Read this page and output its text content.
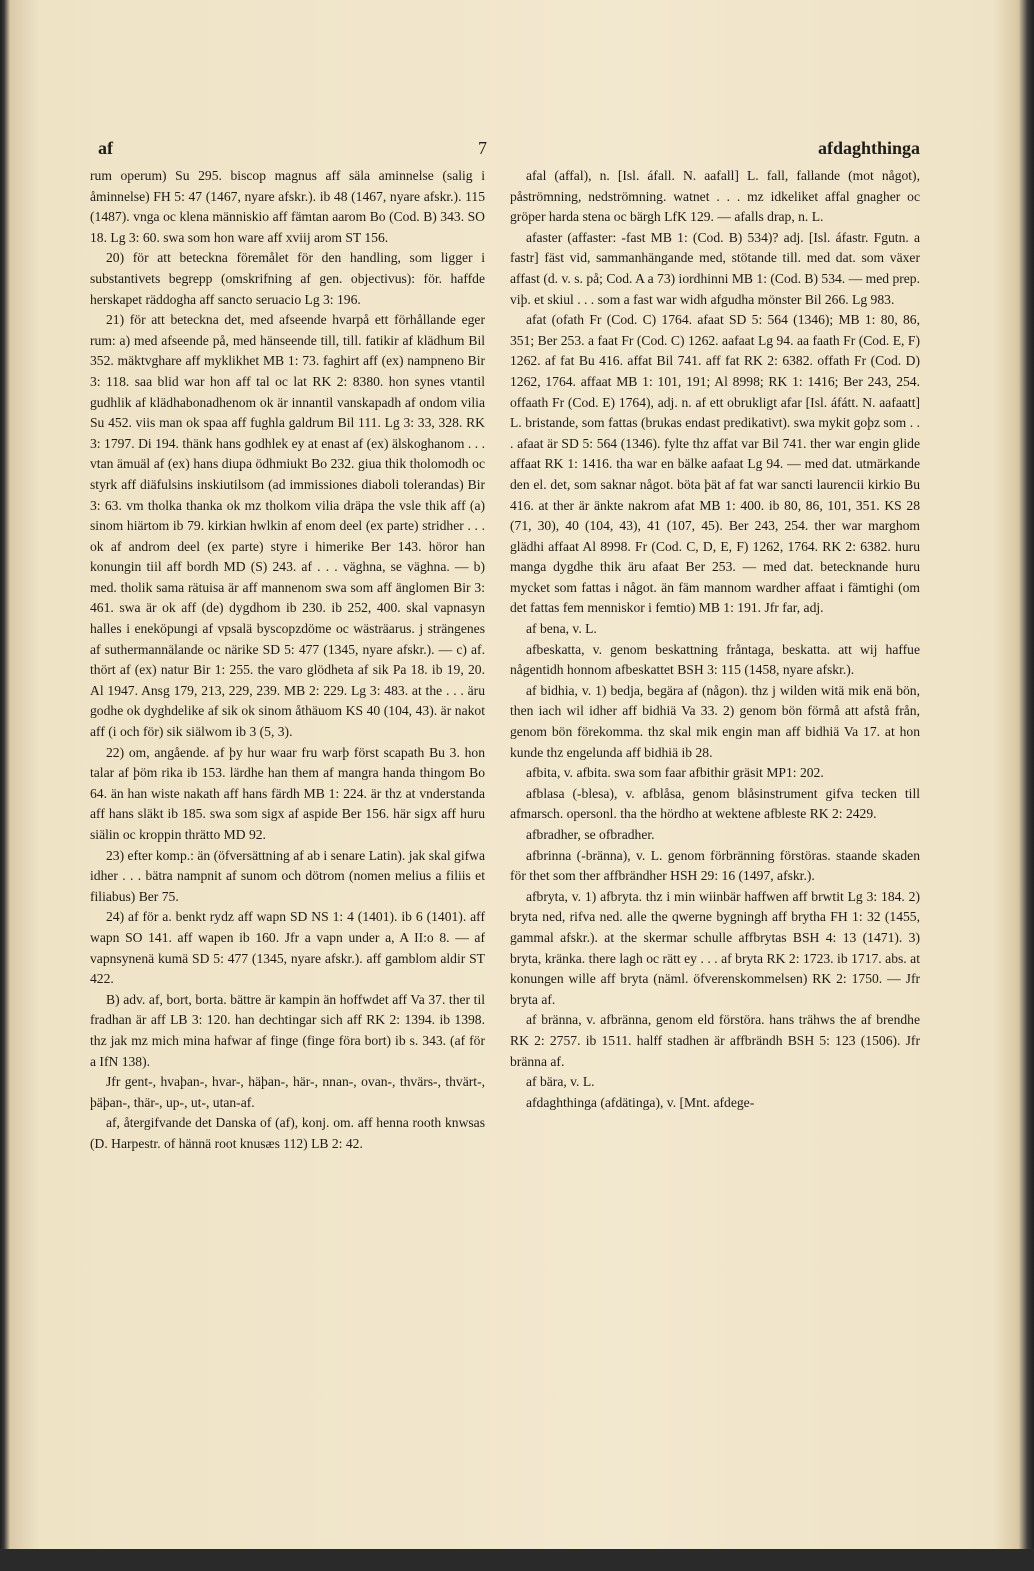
af	7	afdaghthinga

rum operum) Su 295. biscop magnus aff säla aminnelse (salig i åminnelse) FH 5: 47 (1467, nyare afskr.). ib 48 (1467, nyare afskr.). 115 (1487). vnga oc klena människio aff fämtan aarom Bo (Cod. B) 343. SO 18. Lg 3: 60. swa som hon ware aff xviij arom ST 156.

20) för att beteckna föremålet för den handling, som ligger i substantivets begrepp (omskrifning af gen. objectivus): för. haffde herskapet räddogha aff sancto seruacio Lg 3: 196.

21) för att beteckna det, med afseende hvarpå ett förhållande eger rum: a) med afseende på, med hänseende till, till. fatikir af klädhum Bil 352. mäktvghare aff myklikhet MB 1: 73. faghirt aff (ex) nampneno Bir 3: 118. saa blid war hon aff tal oc lat RK 2: 8380. hon synes vtantil gudhlik af klädhabonadhenom ok är innantil vanskapadh af ondom vilia Su 452. viis man ok spaa aff fughla galdrum Bil 111. Lg 3: 33, 328. RK 3: 1797. Di 194. thänk hans godhlek ey at enast af (ex) älskoghanom . . . vtan ämuäl af (ex) hans diupa ödhmiukt Bo 232. giua thik tholomodh oc styrk aff diäfulsins inskiutilsom (ad immissiones diaboli tolerandas) Bir 3: 63. vm tholka thanka ok mz tholkom vilia dräpa the vsle thik aff (a) sinom hiärtom ib 79. kirkian hwlkin af enom deel (ex parte) stridher . . . ok af androm deel (ex parte) styre i himerike Ber 143. höror han konungin tiil aff bordh MD (S) 243. af . . . väghna, se väghna. — b) med. tholik sama rätuisa är aff mannenom swa som aff änglomen Bir 3: 461. swa är ok aff (de) dygdhom ib 230. ib 252, 400. skal vapnasyn halles i eneköpungi af vpsalä byscopzdöme oc wästräarus. j strängenes af suthermannälande oc närike SD 5: 477 (1345, nyare afskr.). — c) af. thört af (ex) natur Bir 1: 255. the varo glödheta af sik Pa 18. ib 19, 20. Al 1947. Ansg 179, 213, 229, 239. MB 2: 229. Lg 3: 483. at the . . . äru godhe ok dyghdelike af sik ok sinom åthäuom KS 40 (104, 43). är nakot aff (i och för) sik siälwom ib 3 (5, 3).

22) om, angående. af þy hur waar fru warþ först scapath Bu 3. hon talar af þöm rika ib 153. lärdhe han them af mangra handa thingom Bo 64. än han wiste nakath aff hans färdh MB 1: 224. är thz at vnderstanda aff hans släkt ib 185. swa som sigx af aspide Ber 156. här sigx aff huru siälin oc kroppin thrätto MD 92.

23) efter komp.: än (öfversättning af ab i senare Latin). jak skal gifwa idher . . . bätra nampnit af sunom och dötrom (nomen melius a filiis et filiabus) Ber 75.

24) af för a. benkt rydz aff wapn SD NS 1: 4 (1401). ib 6 (1401). aff wapn SO 141. aff wapen ib 160. Jfr a vapn under a, A II:o 8. — af vapnsynenä kumä SD 5: 477 (1345, nyare afskr.). aff gamblom aldir ST 422.

B) adv. af, bort, borta. bättre är kampin än hoffwdet aff Va 37. ther til fradhan är aff LB 3: 120. han dechtingar sich aff RK 2: 1394. ib 1398. thz jak mz mich mina hafwar af finge (finge föra bort) ib s. 343. (af för a IfN 138).

Jfr gent-, hvaþan-, hvar-, häþan-, här-, nnan-, ovan-, thvärs-, thvärt-, þäþan-, thär-, up-, ut-, utan-af.

af, återgifvande det Danska of (af), konj. om. aff henna rooth knwsas (D. Harpestr. of hännä root knusæs 112) LB 2: 42.

afal (affal), n. [Isl. áfall. N. aafall] L. fall, fallande (mot något), påströmning, nedströmning. watnet . . . mz idkeliket affal gnagher oc gröper harda stena oc bärgh LfK 129. — afalls drap, n. L.

afaster (affaster: -fast MB 1: (Cod. B) 534)? adj. [Isl. áfastr. Fgutn. a fastr] fäst vid, sammanhängande med, stötande till. med dat. som växer affast (d. v. s. på; Cod. A a 73) iordhinni MB 1: (Cod. B) 534. — med prep. viþ. et skiul . . . som a fast war widh afgudha mönster Bil 266. Lg 983.

afat (ofath Fr (Cod. C) 1764. afaat SD 5: 564 (1346); MB 1: 80, 86, 351; Ber 253. a faat Fr (Cod. C) 1262. aafaat Lg 94. aa faath Fr (Cod. E, F) 1262. af fat Bu 416. affat Bil 741. aff fat RK 2: 6382. offath Fr (Cod. D) 1262, 1764. affaat MB 1: 101, 191; Al 8998; RK 1: 1416; Ber 243, 254. offaath Fr (Cod. E) 1764), adj. n. af ett obrukligt afar [Isl. áfátt. N. aafaatt] L. bristande, som fattas (brukas endast predikativt). swa mykit goþz som . . . afaat är SD 5: 564 (1346). fylte thz affat var Bil 741. ther war engin glide affaat RK 1: 1416. tha war en bälke aafaat Lg 94. — med dat. utmärkande den el. det, som saknar något. böta þät af fat war sancti laurencii kirkio Bu 416. at ther är änkte nakrom afat MB 1: 400. ib 80, 86, 101, 351. KS 28 (71, 30), 40 (104, 43), 41 (107, 45). Ber 243, 254. ther war marghom glädhi affaat Al 8998. Fr (Cod. C, D, E, F) 1262, 1764. RK 2: 6382. huru manga dygdhe thik äru afaat Ber 253. — med dat. betecknande huru mycket som fattas i något. än fäm mannom wardher affaat i fämtighi (om det fattas fem menniskor i femtio) MB 1: 191. Jfr far, adj.

af bena, v. L.

afbeskatta, v. genom beskattning fråntaga, beskatta. att wij haffue någentidh honnom afbeskattet BSH 3: 115 (1458, nyare afskr.).

af bidhia, v. 1) bedja, begära af (någon). thz j wilden witä mik enä bön, then iach wil idher aff bidhiä Va 33. 2) genom bön förmå att afstå från, genom bön förekomma. thz skal mik engin man aff bidhiä Va 17. at hon kunde thz engelunda aff bidhiä ib 28.

afbita, v. afbita. swa som faar afbithir gräsit MP1: 202.

afblasa (-blesa), v. afblåsa, genom blåsinstrument gifva tecken till afmarsch. opersonl. tha the hördho at wektene afbleste RK 2: 2429.

afbradher, se ofbradher.

afbrinna (-bränna), v. L. genom förbränning förstöras. staande skaden för thet som ther affbrändher HSH 29: 16 (1497, afskr.).

afbryta, v. 1) afbryta. thz i min wiinbär haffwen aff brwtit Lg 3: 184. 2) bryta ned, rifva ned. alle the qwerne bygningh aff brytha FH 1: 32 (1455, gammal afskr.). at the skermar schulle affbrytas BSH 4: 13 (1471). 3) bryta, kränka. there lagh oc rätt ey . . . af bryta RK 2: 1723. ib 1717. abs. at konungen wille aff bryta (näml. öfverenskommelsen) RK 2: 1750. — Jfr bryta af.

af bränna, v. afbränna, genom eld förstöra. hans trähws the af brendhe RK 2: 2757. ib 1511. halff stadhen är affbrändh BSH 5: 123 (1506). Jfr bränna af.

af bära, v. L.

afdaghthinga (afdätinga), v. [Mnt. afdege-
